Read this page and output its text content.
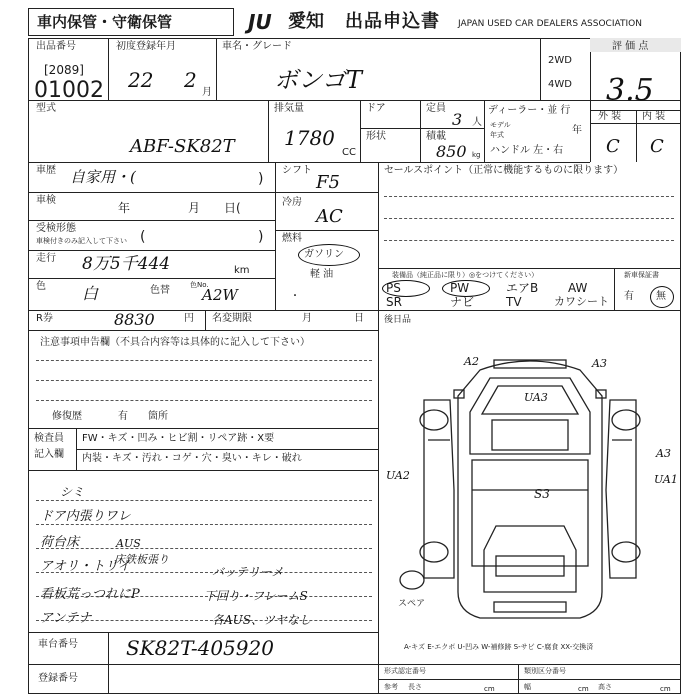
車内保管・守衛保管	JU 愛知 出品申込書 JAPAN USED CAR DEALERS ASSOCIATION
出品番号
[2089]
01002
初度登録年月
22 2
月
車名・グレード
ボンゴT
2WD
4WD
評 価 点
3.5
外 装 内 装
C C
型式
ABF-SK82T
排気量
1780
CC
ドア
形状
定員
3 人
積載
850 kg
ディーラー・並 行
モデル
年式	年
ハンドル 左・右
車歴 自家用・(	)
車検
年	月 日(
受検形態
車検付きのみ記入して下さい (	)
走行 8万5千444	km
色 白	色替	色No.
A2W
シフト
F5
冷房
AC
燃料
ガソリン
・
軽 油
セールスポイント（正常に機能するものに限ります）
装備品（純正品に限り）◎をつけてください）
PS	PW	エアB AW
SR	ナビ	TV	カワシート
新車保証書
有 無
R券	8830	円 名変期限	月	日 後日品
注意事項申告欄（不具合内容等は具体的に記入して下さい）
修復歴	有 箇所
検査員
記入欄
FW・キズ・凹み・ヒビ割・リペア跡・X要
内装・キズ・汚れ・コゲ・穴・臭い・キレ・破れ
シミ
ドア内張りワレ
荷台床	AUS
床鉄板張り
アオリ・トリイ	バッテリーメ
看板荒っつれにP	下回り・フレームS
アンテナ	各AUS、ツヤなし
車台番号 SK82T-405920
登録番号
形式認定番号	類別区分番号
参考 長さ	cm	幅	cm 高さ	cm
A-キズ E-エクボ U-凹み W-補修跡 S-サビ C-腐食 XX-交換済
A2	A3
UA3
A3
UA1
UA2
S3
スペア
